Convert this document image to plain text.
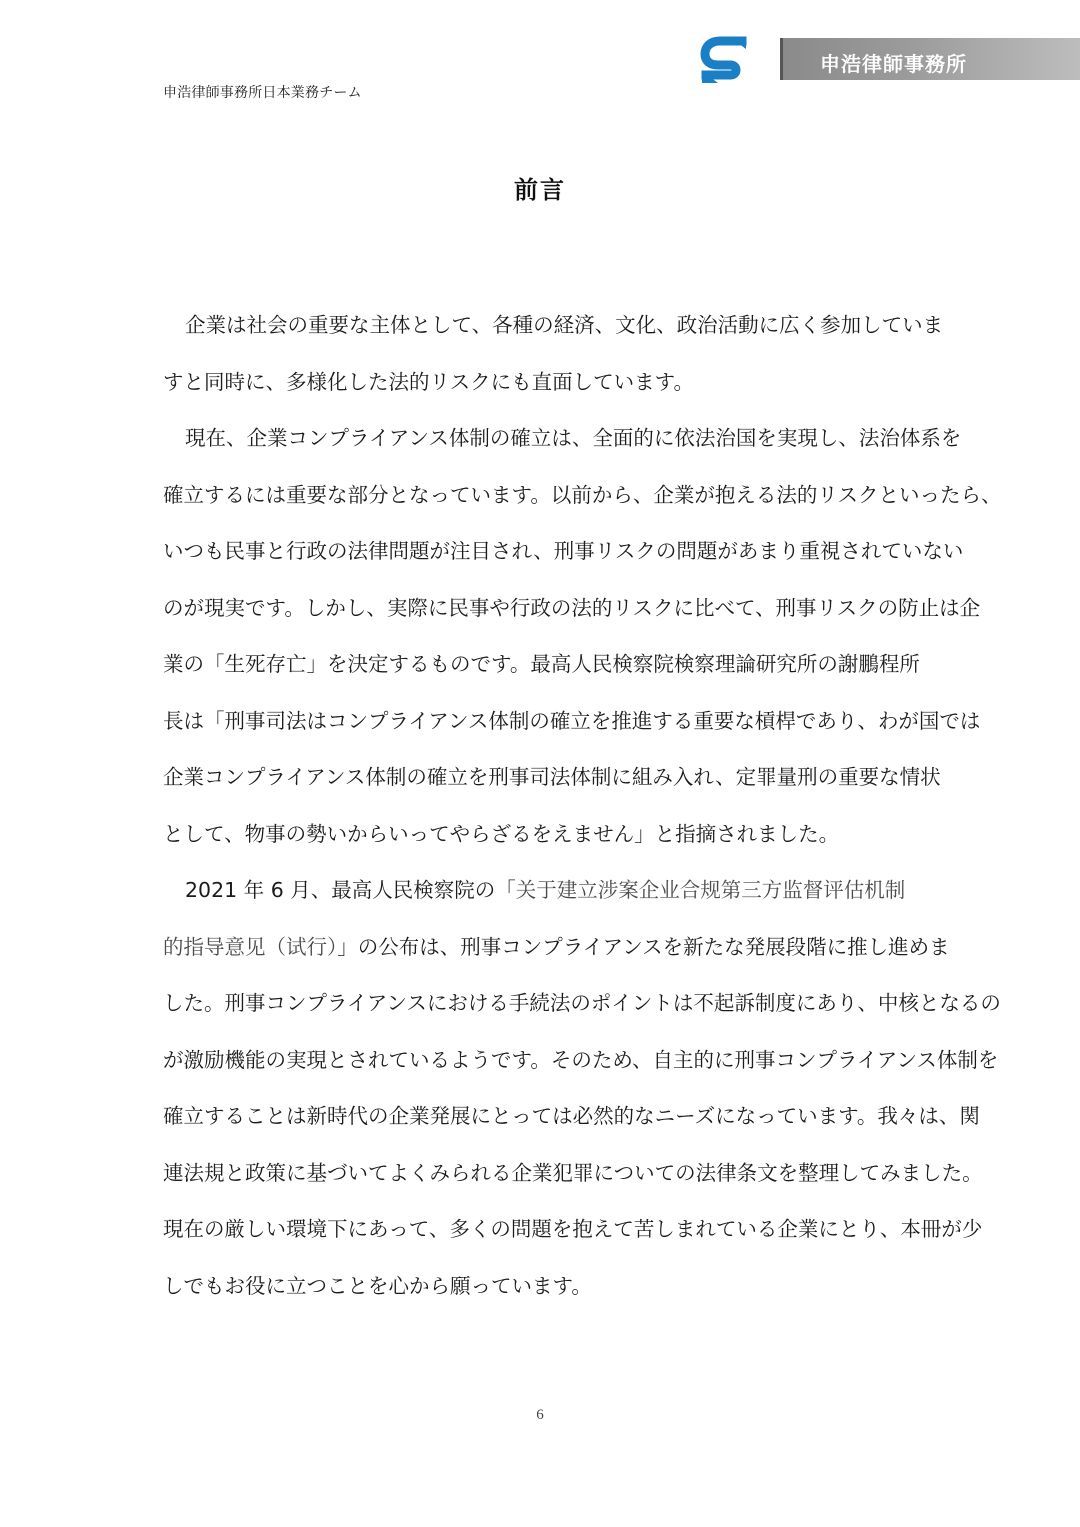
申浩律師事務所日本業務チーム
申浩律師事務所
前言
企業は社会の重要な主体として、各種の経済、文化、政治活動に広く参加していま
すと同時に、多様化した法的リスクにも直面しています。
現在、企業コンプライアンス体制の確立は、全面的に依法治国を実現し、法治体系を
確立するには重要な部分となっています。以前から、企業が抱える法的リスクといったら、
いつも民事と行政の法律問題が注目され、刑事リスクの問題があまり重視されていない
のが現実です。しかし、実際に民事や行政の法的リスクに比べて、刑事リスクの防止は企
業の「生死存亡」を決定するものです。最高人民検察院検察理論研究所の謝鵬程所
長は「刑事司法はコンプライアンス体制の確立を推進する重要な槓桿であり、わが国では
企業コンプライアンス体制の確立を刑事司法体制に組み入れ、定罪量刑の重要な情状
として、物事の勢いからいってやらざるをえません」と指摘されました。
2021 年 6 月、最高人民検察院の「关于建立涉案企业合规第三方监督评估机制
的指导意见（试行）」の公布は、刑事コンプライアンスを新たな発展段階に推し進めま
した。刑事コンプライアンスにおける手続法のポイントは不起訴制度にあり、中核となるの
が激励機能の実現とされているようです。そのため、自主的に刑事コンプライアンス体制を
確立することは新時代の企業発展にとっては必然的なニーズになっています。我々は、関
連法規と政策に基づいてよくみられる企業犯罪についての法律条文を整理してみました。
現在の厳しい環境下にあって、多くの問題を抱えて苦しまれている企業にとり、本冊が少
しでもお役に立つことを心から願っています。
6
